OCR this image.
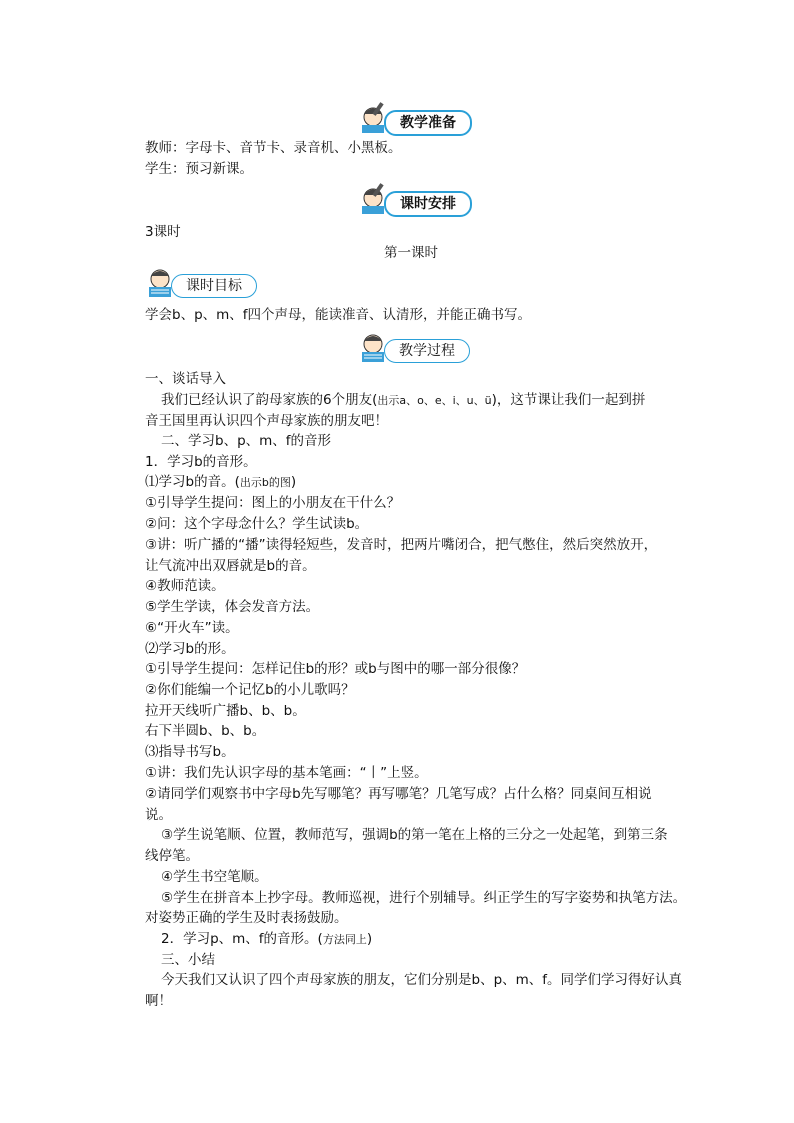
教学准备
教师：字母卡、音节卡、录音机、小黑板。
学生：预习新课。
课时安排
3课时
第一课时
课时目标
学会b、p、m、f四个声母，能读准音、认清形，并能正确书写。
教学过程
一、谈话导入
我们已经认识了韵母家族的6个朋友(出示a、o、e、i、u、ü)，这节课让我们一起到拼
音王国里再认识四个声母家族的朋友吧！
二、学习b、p、m、f的音形
1．学习b的音形。
⑴学习b的音。(出示b的图)
①引导学生提问：图上的小朋友在干什么？
②问：这个字母念什么？学生试读b。
③讲：听广播的“播”读得轻短些，发音时，把两片嘴闭合，把气憋住，然后突然放开，
让气流冲出双唇就是b的音。
④教师范读。
⑤学生学读，体会发音方法。
⑥“开火车”读。
⑵学习b的形。
①引导学生提问：怎样记住b的形？或b与图中的哪一部分很像？
②你们能编一个记忆b的小儿歌吗？
拉开天线听广播b、b、b。
右下半圆b、b、b。
⑶指导书写b。
①讲：我们先认识字母的基本笔画：“丨”上竖。
②请同学们观察书中字母b先写哪笔？再写哪笔？几笔写成？占什么格？同桌间互相说
说。
③学生说笔顺、位置，教师范写，强调b的第一笔在上格的三分之一处起笔，到第三条
线停笔。
④学生书空笔顺。
⑤学生在拼音本上抄字母。教师巡视，进行个别辅导。纠正学生的写字姿势和执笔方法。
对姿势正确的学生及时表扬鼓励。
2．学习p、m、f的音形。(方法同上)
三、小结
今天我们又认识了四个声母家族的朋友，它们分别是b、p、m、f。同学们学习得好认真
啊！
